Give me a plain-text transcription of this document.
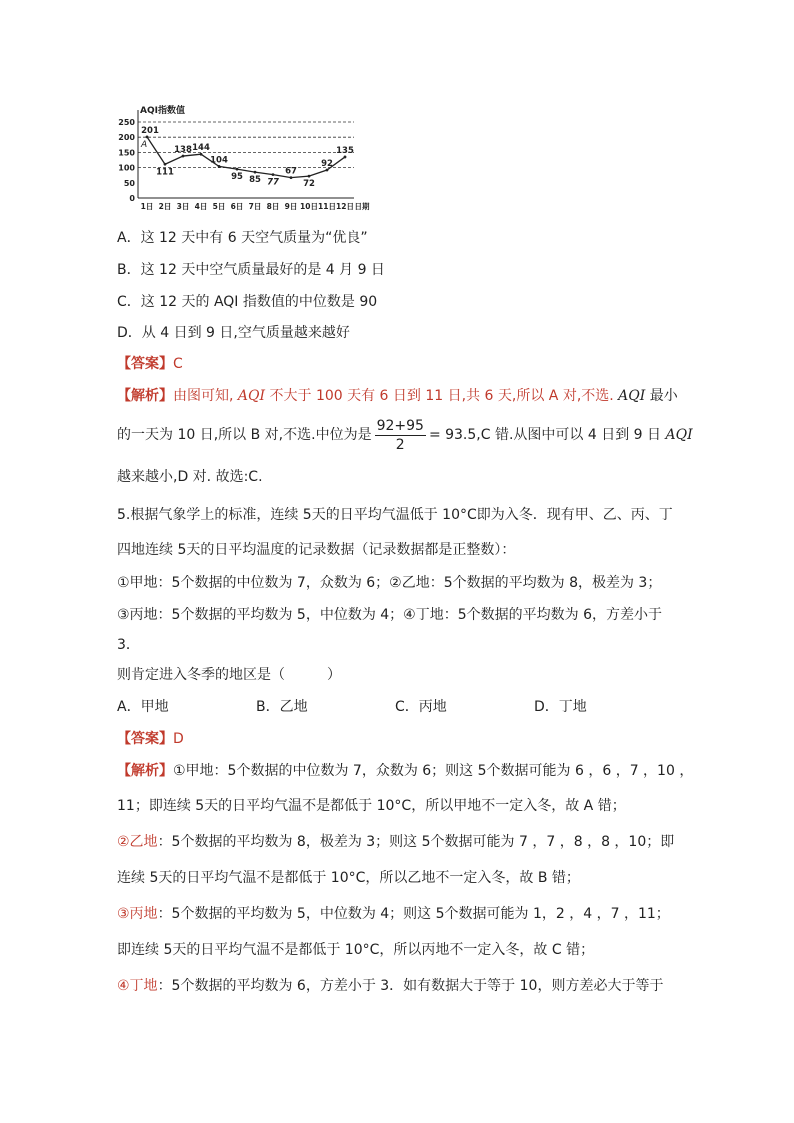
AQI指数值
0
50
100
150
200
250
1日 2日 3日 4日 5日 6日 7日 8日 9日 10日 11日 12日 日期
201
111
138 144
104
95 85 77
67
72
92
135
A
A．这 12 天中有 6 天空气质量为“优良”
B．这 12 天中空气质量最好的是 4 月 9 日
C．这 12 天的 AQI 指数值的中位数是 90
D．从 4 日到 9 日,空气质量越来越好
【答案】C
【解析】由图可知, AQI 不大于 100 天有 6 日到 11 日,共 6 天,所以 A 对,不选. AQI 最小
的一天为 10 日,所以 B 对,不选.中位为是 $\frac{92+95}{2} = 93.5,C$ 错.从图中可以 4 日到 9 日 AQI
越来越小,D 对. 故选:C.
5.根据气象学上的标准，连续 5天的日平均气温低于 10°C即为入冬．现有甲、乙、丙、丁
四地连续 5天的日平均温度的记录数据（记录数据都是正整数）：
①甲地：5个数据的中位数为 7，众数为 6；②乙地：5个数据的平均数为 8，极差为 3；
③丙地：5个数据的平均数为 5，中位数为 4；④丁地：5个数据的平均数为 6，方差小于
3．
则肯定进入冬季的地区是（　　　）
A．甲地	B．乙地	C．丙地	D．丁地
【答案】D
【解析】①甲地：5个数据的中位数为 7，众数为 6；则这 5个数据可能为 6 ，6 ，7 ，10 ，
11；即连续 5天的日平均气温不是都低于 10°C，所以甲地不一定入冬，故 A 错；
②乙地：5个数据的平均数为 8，极差为 3；则这 5个数据可能为 7 ，7 ，8 ，8 ，10；即
连续 5天的日平均气温不是都低于 10°C，所以乙地不一定入冬，故 B 错；
③丙地：5个数据的平均数为 5，中位数为 4；则这 5个数据可能为 1，2 ，4 ，7 ，11；
即连续 5天的日平均气温不是都低于 10°C，所以丙地不一定入冬，故 C 错；
④丁地：5个数据的平均数为 6，方差小于 3．如有数据大于等于 10，则方差必大于等于
